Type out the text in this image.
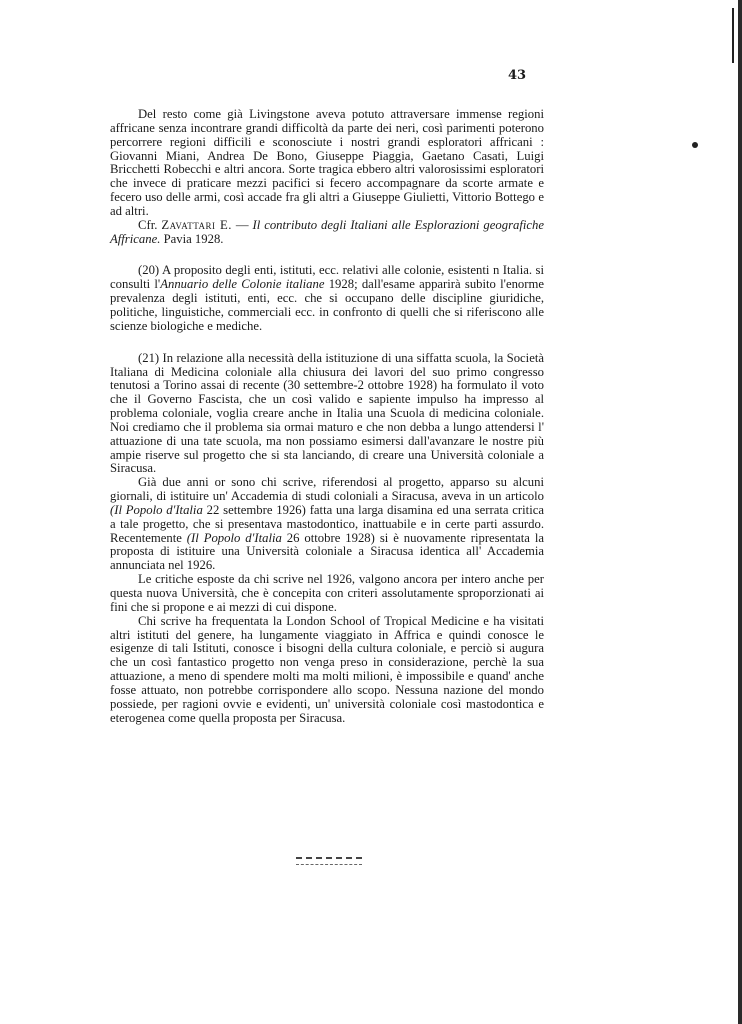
43

Del resto come già Livingstone aveva potuto attraversare immense regioni affricane senza incontrare grandi difficoltà da parte dei neri, così parimenti poterono percorrere regioni difficili e sconosciute i nostri grandi esploratori affricani : Giovanni Miani, Andrea De Bono, Giuseppe Piaggia, Gaetano Casati, Luigi Bricchetti Robecchi e altri ancora. Sorte tragica ebbero altri valorosissimi esploratori che invece di praticare mezzi pacifici si fecero accompagnare da scorte armate e fecero uso delle armi, così accade fra gli altri a Giuseppe Giulietti, Vittorio Bottego e ad altri.

Cfr. Zavattari E. — Il contributo degli Italiani alle Esplorazioni geografiche Affricane. Pavia 1928.

(20) A proposito degli enti, istituti, ecc. relativi alle colonie, esistenti n Italia. si consulti l'Annuario delle Colonie italiane 1928; dall'esame apparirà subito l'enorme prevalenza degli istituti, enti, ecc. che si occupano delle discipline giuridiche, politiche, linguistiche, commerciali ecc. in confronto di quelli che si riferiscono alle scienze biologiche e mediche.

(21) In relazione alla necessità della istituzione di una siffatta scuola, la Società Italiana di Medicina coloniale alla chiusura dei lavori del suo primo congresso tenutosi a Torino assai di recente (30 settembre-2 ottobre 1928) ha formulato il voto che il Governo Fascista, che un così valido e sapiente impulso ha impresso al problema coloniale, voglia creare anche in Italia una Scuola di medicina coloniale. Noi crediamo che il problema sia ormai maturo e che non debba a lungo attendersi l' attuazione di una tate scuola, ma non possiamo esimersi dall'avanzare le nostre più ampie riserve sul progetto che si sta lanciando, di creare una Università coloniale a Siracusa.

Già due anni or sono chi scrive, riferendosi al progetto, apparso su alcuni giornali, di istituire un' Accademia di studi coloniali a Siracusa, aveva in un articolo (Il Popolo d'Italia 22 settembre 1926) fatta una larga disamina ed una serrata critica a tale progetto, che si presentava mastodontico, inattuabile e in certe parti assurdo. Recentemente (Il Popolo d'Italia 26 ottobre 1928) si è nuovamente ripresentata la proposta di istituire una Università coloniale a Siracusa identica all' Accademia annunciata nel 1926.

Le critiche esposte da chi scrive nel 1926, valgono ancora per intero anche per questa nuova Università, che è concepita con criteri assolutamente sproporzionati ai fini che si propone e ai mezzi di cui dispone.

Chi scrive ha frequentata la London School of Tropical Medicine e ha visitati altri istituti del genere, ha lungamente viaggiato in Affrica e quindi conosce le esigenze di tali Istituti, conosce i bisogni della cultura coloniale, e perciò si augura che un così fantastico progetto non venga preso in considerazione, perchè la sua attuazione, a meno di spendere molti ma molti milioni, è impossibile e quand' anche fosse attuato, non potrebbe corrispondere allo scopo. Nessuna nazione del mondo possiede, per ragioni ovvie e evidenti, un' università coloniale così mastodontica e eterogenea come quella proposta per Siracusa.
